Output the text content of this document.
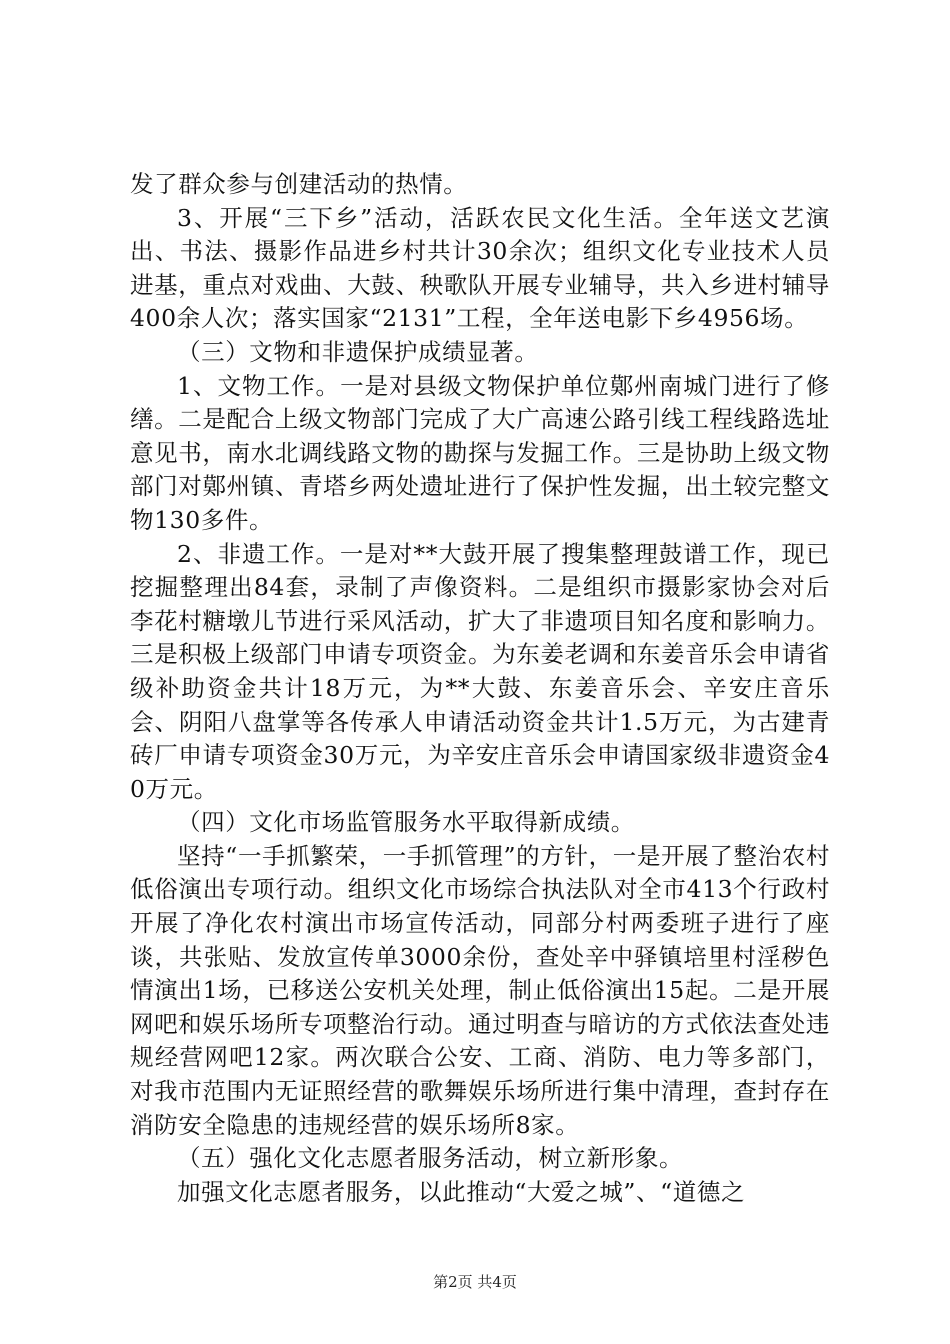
发了群众参与创建活动的热情。

3、开展“三下乡”活动，活跃农民文化生活。全年送文艺演出、书法、摄影作品进乡村共计30余次；组织文化专业技术人员进基，重点对戏曲、大鼓、秧歌队开展专业辅导，共入乡进村辅导400余人次；落实国家“2131”工程，全年送电影下乡4956场。

（三）文物和非遗保护成绩显著。

1、文物工作。一是对县级文物保护单位鄚州南城门进行了修缮。二是配合上级文物部门完成了大广高速公路引线工程线路选址意见书，南水北调线路文物的勘探与发掘工作。三是协助上级文物部门对鄚州镇、青塔乡两处遗址进行了保护性发掘，出土较完整文物130多件。

2、非遗工作。一是对**大鼓开展了搜集整理鼓谱工作，现已挖掘整理出84套，录制了声像资料。二是组织市摄影家协会对后李花村糖墩儿节进行采风活动，扩大了非遗项目知名度和影响力。三是积极上级部门申请专项资金。为东姜老调和东姜音乐会申请省级补助资金共计18万元，为**大鼓、东姜音乐会、辛安庄音乐会、阴阳八盘掌等各传承人申请活动资金共计1.5万元，为古建青砖厂申请专项资金30万元，为辛安庄音乐会申请国家级非遗资金40万元。

（四）文化市场监管服务水平取得新成绩。

坚持“一手抓繁荣，一手抓管理”的方针，一是开展了整治农村低俗演出专项行动。组织文化市场综合执法队对全市413个行政村开展了净化农村演出市场宣传活动，同部分村两委班子进行了座谈，共张贴、发放宣传单3000余份，查处辛中驿镇培里村淫秽色情演出1场，已移送公安机关处理，制止低俗演出15起。二是开展网吧和娱乐场所专项整治行动。通过明查与暗访的方式依法查处违规经营网吧12家。两次联合公安、工商、消防、电力等多部门，对我市范围内无证照经营的歌舞娱乐场所进行集中清理，查封存在消防安全隐患的违规经营的娱乐场所8家。

（五）强化文化志愿者服务活动，树立新形象。

加强文化志愿者服务，以此推动“大爱之城”、“道德之

第2页 共4页
